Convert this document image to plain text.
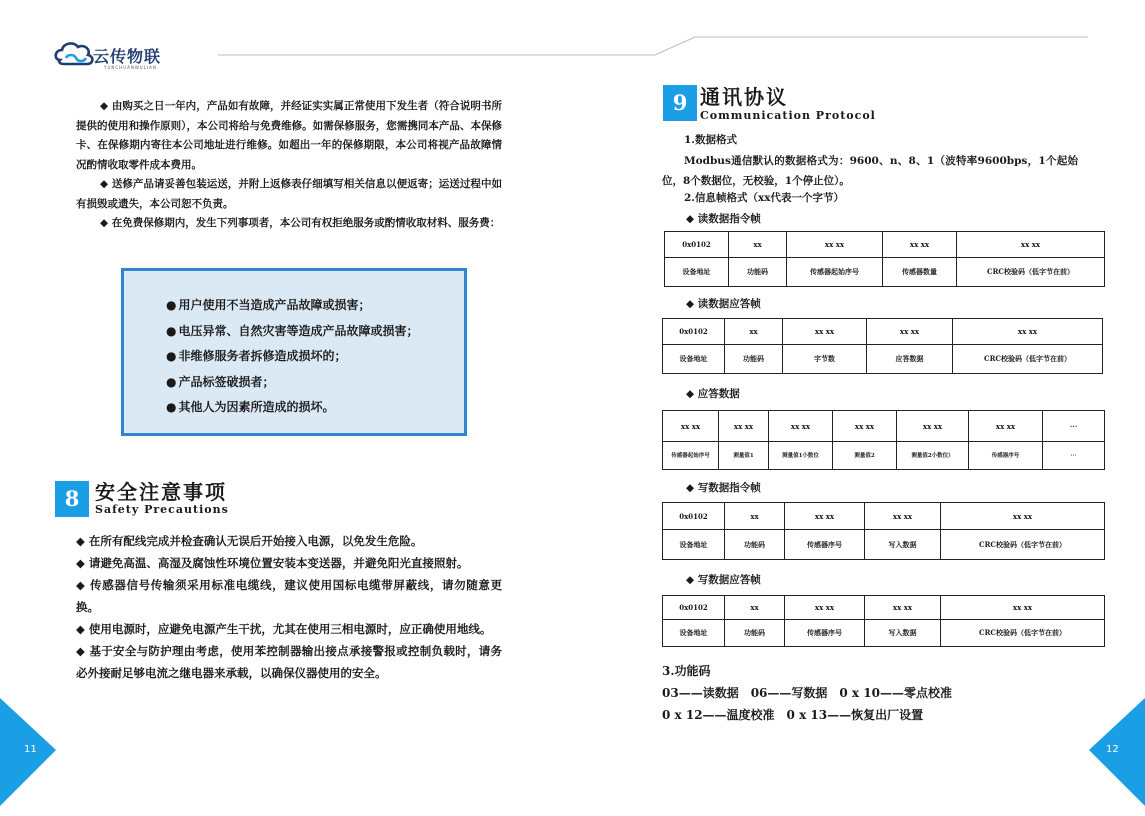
云传物联
YUNCHUANWULIAN

◆ 由购买之日一年内，产品如有故障，并经证实实属正常使用下发生者（符合说明书所提供的使用和操作原则），本公司将给与免费维修。如需保修服务，您需携同本产品、本保修卡、在保修期内寄往本公司地址进行维修。如超出一年的保修期限，本公司将视产品故障情况酌情收取零件成本费用。

◆ 送修产品请妥善包装运送，并附上返修表仔细填写相关信息以便返寄；运送过程中如有损毁或遗失，本公司恕不负责。

◆ 在免费保修期内，发生下列事项者，本公司有权拒绝服务或酌情收取材料、服务费：

● 用户使用不当造成产品故障或损害；
● 电压异常、自然灾害等造成产品故障或损害；
● 非维修服务者拆修造成损坏的；
● 产品标签破损者；
● 其他人为因素所造成的损坏。
8 安全注意事项
Safety Precautions

◆ 在所有配线完成并检查确认无误后开始接入电源，以免发生危险。

◆ 请避免高温、高湿及腐蚀性环境位置安装本变送器，并避免阳光直接照射。

◆ 传感器信号传输须采用标准电缆线，建议使用国标电缆带屏蔽线，请勿随意更换。

◆ 使用电源时，应避免电源产生干扰，尤其在使用三相电源时，应正确使用地线。

◆ 基于安全与防护理由考虑，使用苯控制器输出接点承接警报或控制负载时，请务必外接耐足够电流之继电器来承载，以确保仪器使用的安全。

9 通讯协议
Communication Protocol
1.数据格式
Modbus通信默认的数据格式为：9600、n、8、1（波特率9600bps，1个起始位，8个数据位，无校验，1个停止位）。
2.信息帧格式（xx代表一个字节）
◆ 读数据指令帧
0x0102	xx	xx xx	xx xx	xx xx
设备地址	功能码	传感器起始序号	传感器数量	CRC校验码（低字节在前）
◆ 读数据应答帧
0x0102	xx	xx xx	xx xx	xx xx
设备地址	功能码	字节数	应答数据	CRC校验码（低字节在前）
◆ 应答数据
xx xx	xx xx	xx xx	xx xx	xx xx	xx xx	···
传感器起始序号	测量值1	测量值1小数位	测量值2	测量值2小数位）	传感器序号	···
◆ 写数据指令帧
0x0102	xx	xx xx	xx xx	xx xx
设备地址	功能码	传感器序号	写入数据	CRC校验码（低字节在前）
◆ 写数据应答帧
0x0102	xx	xx xx	xx xx	xx xx
设备地址	功能码	传感器序号	写入数据	CRC校验码（低字节在前）
3.功能码
03——读数据　06——写数据　0 x 10——零点校准
0 x 12——温度校准　0 x 13——恢复出厂设置
11	12
